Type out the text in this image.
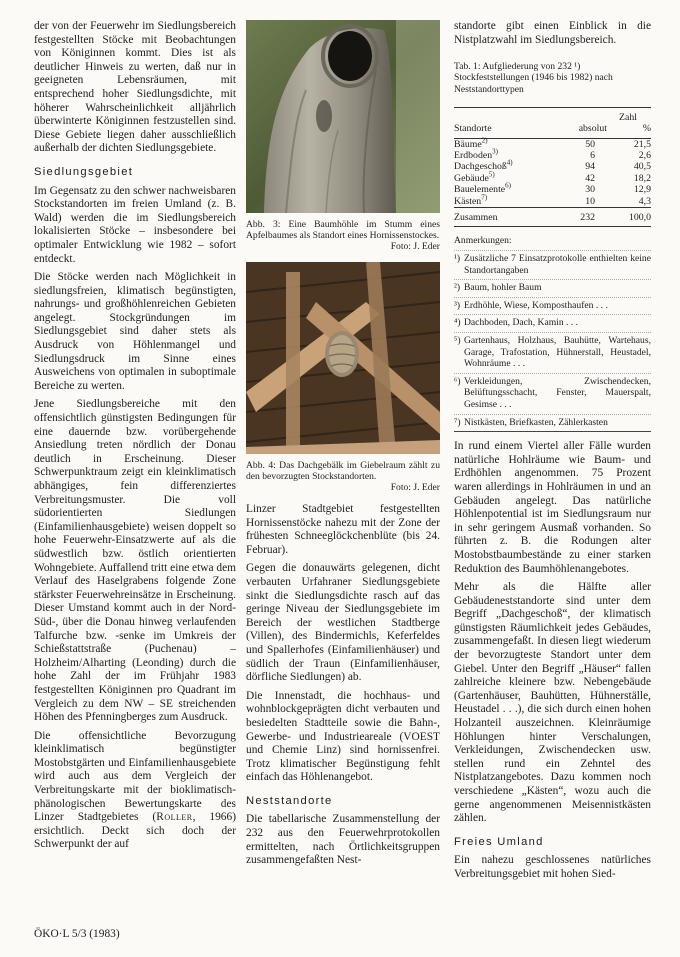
der von der Feuerwehr im Siedlungsbereich festgestellten Stöcke mit Beobachtungen von Königinnen kommt. Dies ist als deutlicher Hinweis zu werten, daß nur in geeigneten Lebensräumen, mit entsprechend hoher Siedlungsdichte, mit höherer Wahrscheinlichkeit alljährlich überwinterte Königinnen festzustellen sind. Diese Gebiete liegen daher ausschließlich außerhalb der dichten Siedlungsgebiete.

Siedlungsgebiet

Im Gegensatz zu den schwer nachweisbaren Stockstandorten im freien Umland (z. B. Wald) werden die im Siedlungsbereich lokalisierten Stöcke – insbesondere bei optimaler Entwicklung wie 1982 – sofort entdeckt.

Die Stöcke werden nach Möglichkeit in siedlungsfreien, klimatisch begünstigten, nahrungs- und großhöhlenreichen Gebieten angelegt. Stockgründungen im Siedlungsgebiet sind daher stets als Ausdruck von Höhlenmangel und Siedlungsdruck im Sinne eines Ausweichens von optimalen in suboptimale Bereiche zu werten.

Jene Siedlungsbereiche mit den offensichtlich günstigsten Bedingungen für eine dauernde bzw. vorübergehende Ansiedlung treten nördlich der Donau deutlich in Erscheinung. Dieser Schwerpunktraum zeigt ein kleinklimatisch abhängiges, fein differenziertes Verbreitungsmuster. Die voll südorientierten Siedlungen (Einfamilienhausgebiete) weisen doppelt so hohe Feuerwehr-Einsatzwerte auf als die südwestlich bzw. östlich orientierten Wohngebiete. Auffallend tritt eine etwa dem Verlauf des Haselgrabens folgende Zone stärkster Feuerwehreinsätze in Erscheinung. Dieser Umstand kommt auch in der Nord-Süd-, über die Donau hinweg verlaufenden Talfurche bzw. -senke im Umkreis der Schießstattstraße (Puchenau) – Holzheim/Alharting (Leonding) durch die hohe Zahl der im Frühjahr 1983 festgestellten Königinnen pro Quadrant im Vergleich zu dem NW – SE streichenden Höhen des Pfenningberges zum Ausdruck.

Die offensichtliche Bevorzugung kleinklimatisch begünstigter Mostobstgärten und Einfamilienhausgebiete wird auch aus dem Vergleich der Verbreitungskarte mit der bioklimatisch-phänologischen Bewertungskarte des Linzer Stadtgebietes (Roller, 1966) ersichtlich. Deckt sich doch der Schwerpunkt der auf

Abb. 3: Eine Baumhöhle im Stumm eines Apfelbaumes als Standort eines Hornissenstockes.
Foto: J. Eder
Abb. 4: Das Dachgebälk im Giebelraum zählt zu den bevorzugten Stockstandorten.
Foto: J. Eder

Linzer Stadtgebiet festgestellten Hornissenstöcke nahezu mit der Zone der frühesten Schneeglöckchenblüte (bis 24. Februar).

Gegen die donauwärts gelegenen, dicht verbauten Urfahraner Siedlungsgebiete sinkt die Siedlungsdichte rasch auf das geringe Niveau der Siedlungsgebiete im Bereich der westlichen Stadtberge (Villen), des Bindermichls, Keferfeldes und Spallerhofes (Einfamilienhäuser) und südlich der Traun (Einfamilienhäuser, dörfliche Siedlungen) ab.

Die Innenstadt, die hochhaus- und wohnblockgeprägten dicht verbauten und besiedelten Stadtteile sowie die Bahn-, Gewerbe- und Industrieareale (VOEST und Chemie Linz) sind hornissenfrei. Trotz klimatischer Begünstigung fehlt einfach das Höhlenangebot.

Neststandorte

Die tabellarische Zusammenstellung der 232 aus den Feuerwehrprotokollen ermittelten, nach Örtlichkeitsgruppen zusammengefaßten Nest-

standorte gibt einen Einblick in die Nistplatzwahl im Siedlungsbereich.

Tab. 1: Aufgliederung von 232 ¹) Stockfeststellungen (1946 bis 1982) nach Neststandorttypen
	Zahl	
Standorte	absolut	%
Bäume$^{2)}$	50	21,5
Erdboden$^{3)}$	6	2,6
Dachgeschoß$^{4)}$	94	40,5
Gebäude$^{5)}$	42	18,2
Bauelemente$^{6)}$	30	12,9
Kästen$^{7)}$	10	4,3
Zusammen	232	100,0
Anmerkungen:
¹) Zusätzliche 7 Einsatzprotokolle enthielten keine Standortangaben
²) Baum, hohler Baum
³) Erdhöhle, Wiese, Komposthaufen . . .
⁴) Dachboden, Dach, Kamin . . .
⁵) Gartenhaus, Holzhaus, Bauhütte, Wartehaus, Garage, Trafostation, Hühnerstall, Heustadel, Wohnräume . . .
⁶) Verkleidungen, Zwischendecken, Belüftungsschacht, Fenster, Mauerspalt, Gesimse . . .
⁷) Nistkästen, Briefkasten, Zählerkasten

In rund einem Viertel aller Fälle wurden natürliche Hohlräume wie Baum- und Erdhöhlen angenommen. 75 Prozent waren allerdings in Hohlräumen in und an Gebäuden angelegt. Das natürliche Höhlenpotential ist im Siedlungsraum nur in sehr geringem Ausmaß vorhanden. So führten z. B. die Rodungen alter Mostobstbaumbestände zu einer starken Reduktion des Baumhöhlenangebotes.

Mehr als die Hälfte aller Gebäudeneststandorte sind unter dem Begriff „Dachgeschoß“, der klimatisch günstigsten Räumlichkeit jedes Gebäudes, zusammengefaßt. In diesen liegt wiederum der bevorzugteste Standort unter dem Giebel. Unter den Begriff „Häuser“ fallen zahlreiche kleinere bzw. Nebengebäude (Gartenhäuser, Bauhütten, Hühnerställe, Heustadel . . .), die sich durch einen hohen Holzanteil auszeichnen. Kleinräumige Höhlungen hinter Verschalungen, Verkleidungen, Zwischendecken usw. stellen rund ein Zehntel des Nistplatzangebotes. Dazu kommen noch verschiedene „Kästen“, wozu auch die gerne angenommenen Meisennistkästen zählen.

Freies Umland

Ein nahezu geschlossenes natürliches Verbreitungsgebiet mit hohen Sied-

ÖKO·L 5/3 (1983)
